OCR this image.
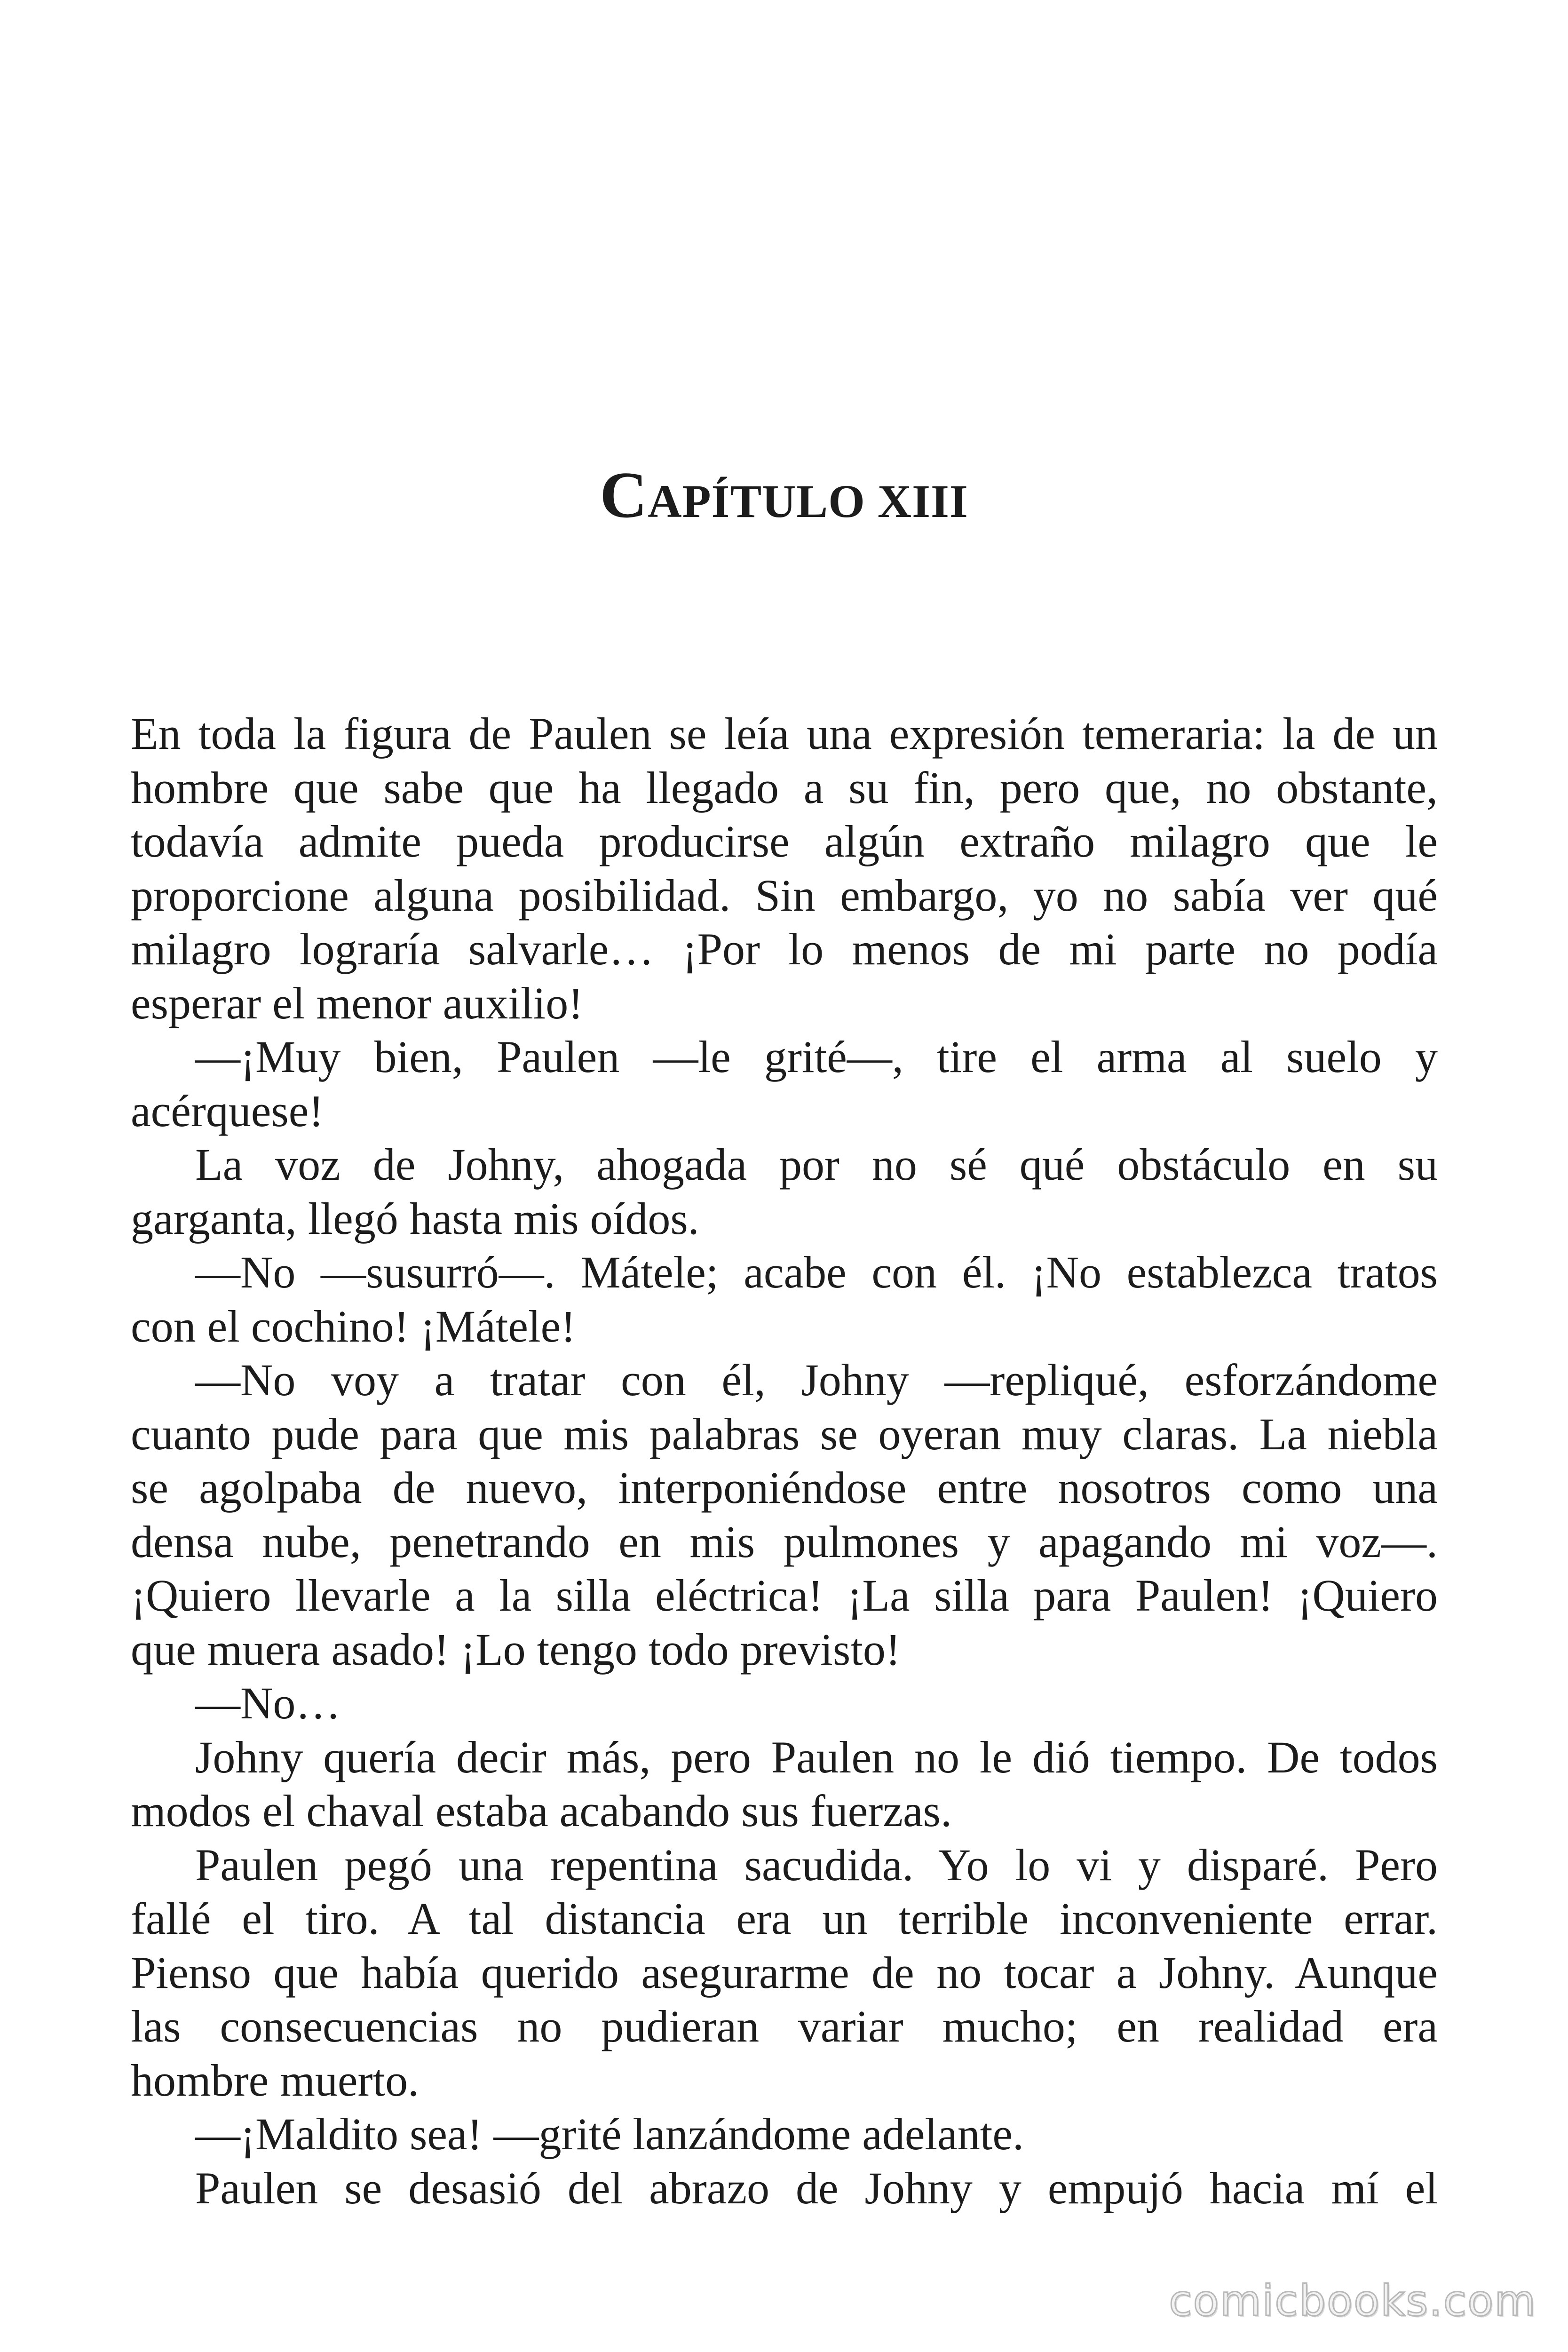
CAPÍTULO XIII
En toda la figura de Paulen se leía una expresión temeraria: la de un
hombre que sabe que ha llegado a su fin, pero que, no obstante,
todavía admite pueda producirse algún extraño milagro que le
proporcione alguna posibilidad. Sin embargo, yo no sabía ver qué
milagro lograría salvarle… ¡Por lo menos de mi parte no podía
esperar el menor auxilio!
—¡Muy bien, Paulen —le grité—, tire el arma al suelo y
acérquese!
La voz de Johny, ahogada por no sé qué obstáculo en su
garganta, llegó hasta mis oídos.
—No —susurró—. Mátele; acabe con él. ¡No establezca tratos
con el cochino! ¡Mátele!
—No voy a tratar con él, Johny —repliqué, esforzándome
cuanto pude para que mis palabras se oyeran muy claras. La niebla
se agolpaba de nuevo, interponiéndose entre nosotros como una
densa nube, penetrando en mis pulmones y apagando mi voz—.
¡Quiero llevarle a la silla eléctrica! ¡La silla para Paulen! ¡Quiero
que muera asado! ¡Lo tengo todo previsto!
—No…
Johny quería decir más, pero Paulen no le dió tiempo. De todos
modos el chaval estaba acabando sus fuerzas.
Paulen pegó una repentina sacudida. Yo lo vi y disparé. Pero
fallé el tiro. A tal distancia era un terrible inconveniente errar.
Pienso que había querido asegurarme de no tocar a Johny. Aunque
las consecuencias no pudieran variar mucho; en realidad era
hombre muerto.
—¡Maldito sea! —grité lanzándome adelante.
Paulen se desasió del abrazo de Johny y empujó hacia mí el
comicbooks.com
